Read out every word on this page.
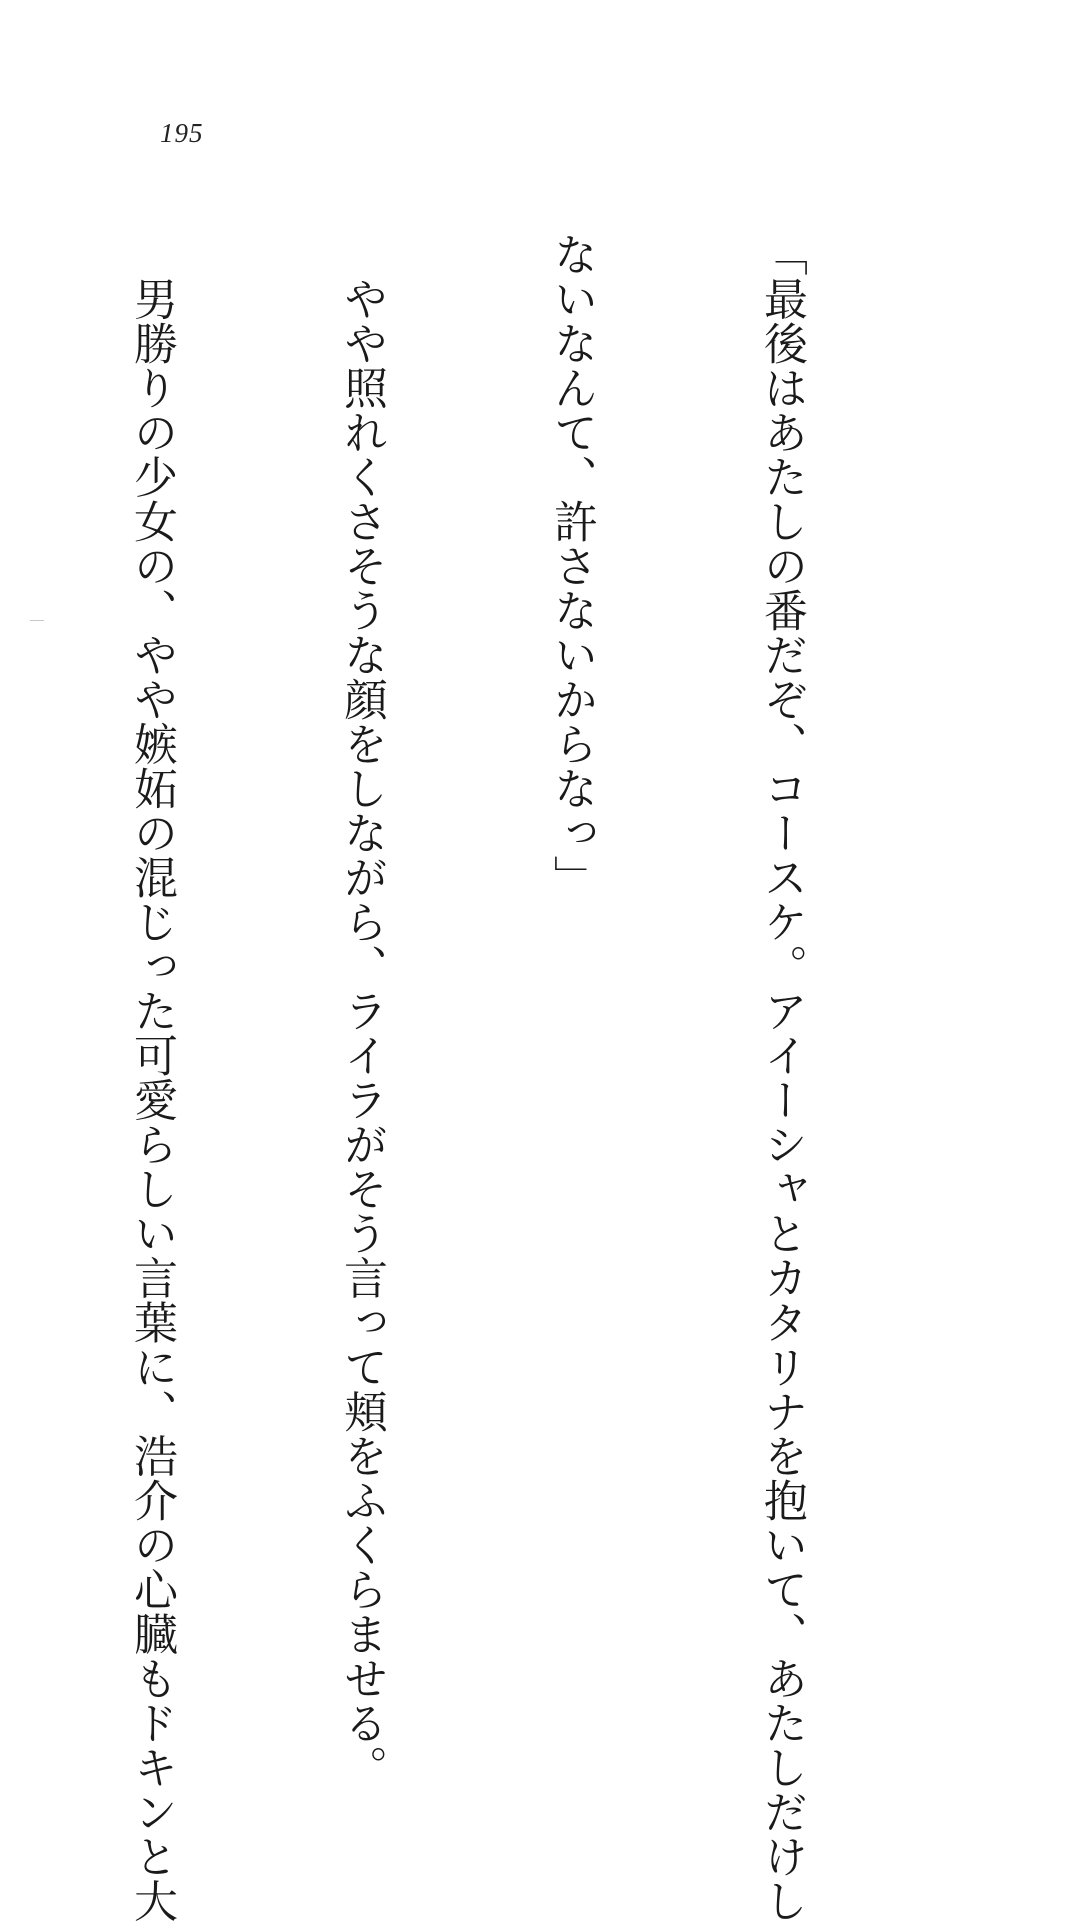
195

「最後はあたしの番だぞ、コースケ。アイーシャとカタリナを抱いて、あたしだけし

ないなんて、許さないからなっ」

　やや照れくさそうな顔をしながら、ライラがそう言って頬をふくらませる。

　男勝りの少女の、やや嫉妬の混じった可愛らしい言葉に、浩介の心臓もドキンと大
